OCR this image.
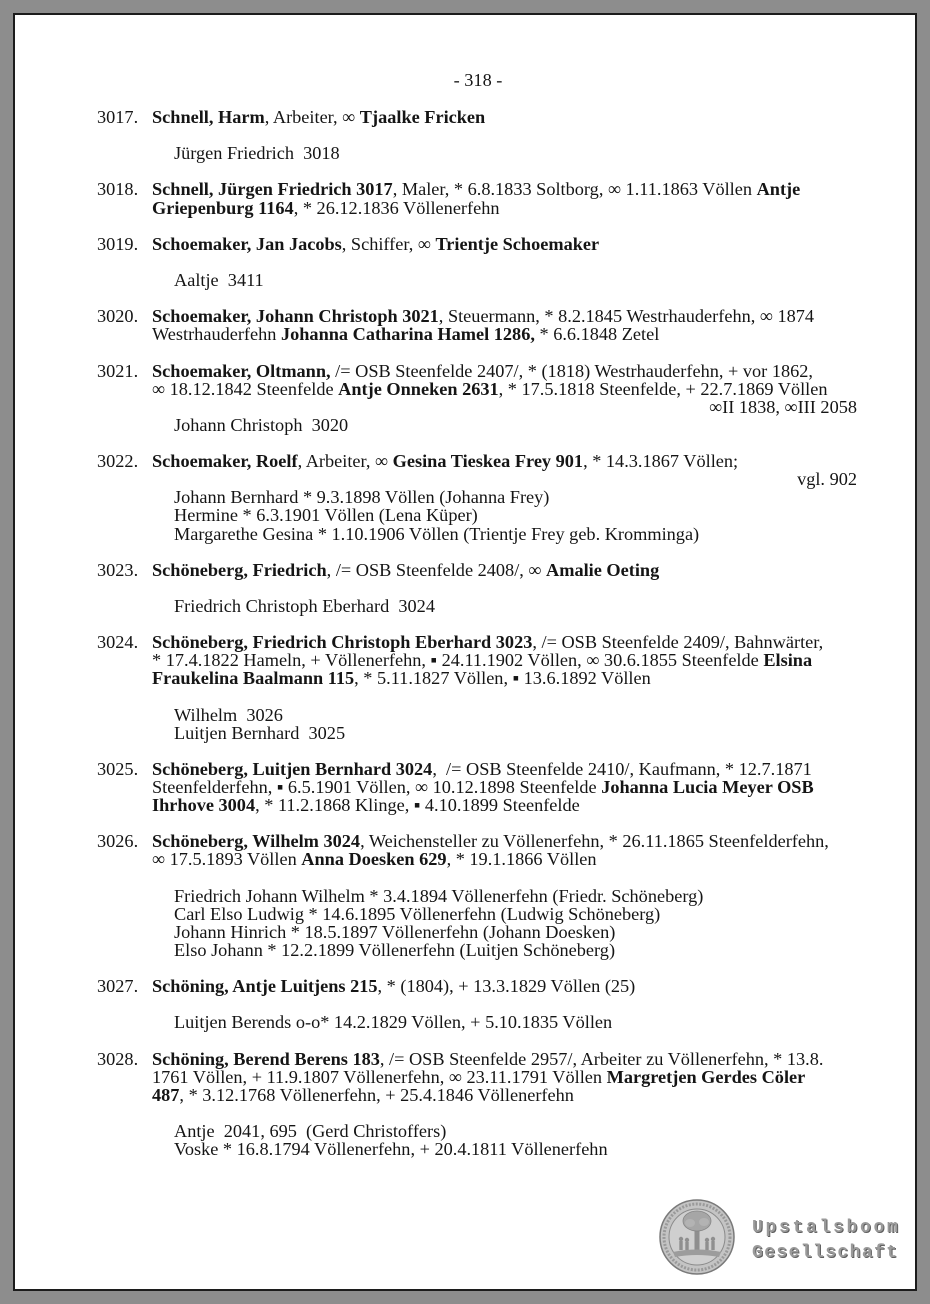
- 318 -
3017. Schnell, Harm, Arbeiter, ∞ Tjaalke Fricken
Jürgen Friedrich  3018
3018. Schnell, Jürgen Friedrich 3017, Maler, * 6.8.1833 Soltborg, ∞ 1.11.1863 Völlen Antje
Griepenburg 1164, * 26.12.1836 Völlenerfehn
3019. Schoemaker, Jan Jacobs, Schiffer, ∞ Trientje Schoemaker
Aaltje  3411
3020. Schoemaker, Johann Christoph 3021, Steuermann, * 8.2.1845 Westrhauderfehn, ∞ 1874
Westrhauderfehn Johanna Catharina Hamel 1286, * 6.6.1848 Zetel
3021. Schoemaker, Oltmann, /= OSB Steenfelde 2407/, * (1818) Westrhauderfehn, + vor 1862,
∞ 18.12.1842 Steenfelde Antje Onneken 2631, * 17.5.1818 Steenfelde, + 22.7.1869 Völlen
∞II 1838, ∞III 2058
Johann Christoph  3020
3022. Schoemaker, Roelf, Arbeiter, ∞ Gesina Tieskea Frey 901, * 14.3.1867 Völlen;
vgl. 902
Johann Bernhard * 9.3.1898 Völlen (Johanna Frey)
Hermine * 6.3.1901 Völlen (Lena Küper)
Margarethe Gesina * 1.10.1906 Völlen (Trientje Frey geb. Kromminga)
3023. Schöneberg, Friedrich, /= OSB Steenfelde 2408/, ∞ Amalie Oeting
Friedrich Christoph Eberhard  3024
3024. Schöneberg, Friedrich Christoph Eberhard 3023, /= OSB Steenfelde 2409/, Bahnwärter,
* 17.4.1822 Hameln, + Völlenerfehn, ▪ 24.11.1902 Völlen, ∞ 30.6.1855 Steenfelde Elsina
Fraukelina Baalmann 115, * 5.11.1827 Völlen, ▪ 13.6.1892 Völlen
Wilhelm  3026
Luitjen Bernhard  3025
3025. Schöneberg, Luitjen Bernhard 3024,  /= OSB Steenfelde 2410/, Kaufmann, * 12.7.1871
Steenfelderfehn, ▪ 6.5.1901 Völlen, ∞ 10.12.1898 Steenfelde Johanna Lucia Meyer OSB
Ihrhove 3004, * 11.2.1868 Klinge, ▪ 4.10.1899 Steenfelde
3026. Schöneberg, Wilhelm 3024, Weichensteller zu Völlenerfehn, * 26.11.1865 Steenfelderfehn,
∞ 17.5.1893 Völlen Anna Doesken 629, * 19.1.1866 Völlen
Friedrich Johann Wilhelm * 3.4.1894 Völlenerfehn (Friedr. Schöneberg)
Carl Elso Ludwig * 14.6.1895 Völlenerfehn (Ludwig Schöneberg)
Johann Hinrich * 18.5.1897 Völlenerfehn (Johann Doesken)
Elso Johann * 12.2.1899 Völlenerfehn (Luitjen Schöneberg)
3027. Schöning, Antje Luitjens 215, * (1804), + 13.3.1829 Völlen (25)
Luitjen Berends o-o* 14.2.1829 Völlen, + 5.10.1835 Völlen
3028. Schöning, Berend Berens 183, /= OSB Steenfelde 2957/, Arbeiter zu Völlenerfehn, * 13.8.
1761 Völlen, + 11.9.1807 Völlenerfehn, ∞ 23.11.1791 Völlen Margretjen Gerdes Cöler
487, * 3.12.1768 Völlenerfehn, + 25.4.1846 Völlenerfehn
Antje  2041, 695  (Gerd Christoffers)
Voske * 16.8.1794 Völlenerfehn, + 20.4.1811 Völlenerfehn
Upstalsboom
Gesellschaft
